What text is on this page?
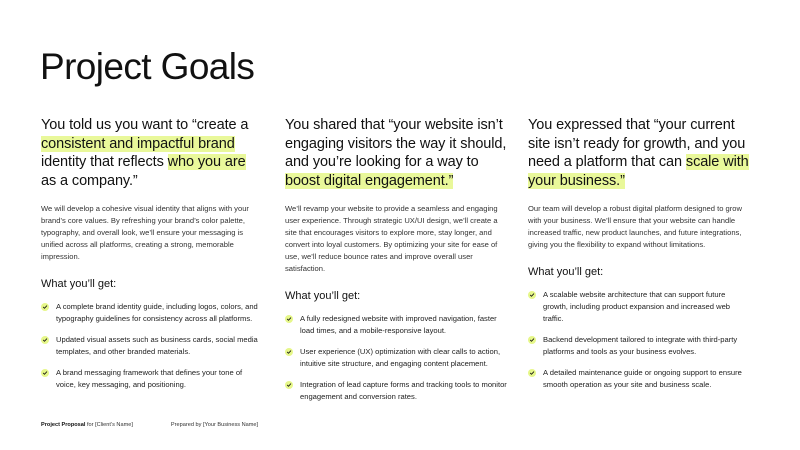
Project Goals

You told us you want to “create a consistent and impactful brand identity that reflects who you are as a company.”

We will develop a cohesive visual identity that aligns with your brand’s core values. By refreshing your brand’s color palette, typography, and overall look, we’ll ensure your messaging is unified across all platforms, creating a strong, memorable impression.

What you’ll get:
A complete brand identity guide, including logos, colors, and typography guidelines for consistency across all platforms.
Updated visual assets such as business cards, social media templates, and other branded materials.
A brand messaging framework that defines your tone of voice, key messaging, and positioning.

You shared that “your website isn’t engaging visitors the way it should, and you’re looking for a way to boost digital engagement.”

We’ll revamp your website to provide a seamless and engaging user experience. Through strategic UX/UI design, we’ll create a site that encourages visitors to explore more, stay longer, and convert into loyal customers. By optimizing your site for ease of use, we’ll reduce bounce rates and improve overall user satisfaction.

What you’ll get:
A fully redesigned website with improved navigation, faster load times, and a mobile-responsive layout.
User experience (UX) optimization with clear calls to action, intuitive site structure, and engaging content placement.
Integration of lead capture forms and tracking tools to monitor engagement and conversion rates.

You expressed that “your current site isn’t ready for growth, and you need a platform that can scale with your business.”

Our team will develop a robust digital platform designed to grow with your business. We’ll ensure that your website can handle increased traffic, new product launches, and future integrations, giving you the flexibility to expand without limitations.

What you’ll get:
A scalable website architecture that can support future growth, including product expansion and increased web traffic.
Backend development tailored to integrate with third-party platforms and tools as your business evolves.
A detailed maintenance guide or ongoing support to ensure smooth operation as your site and business scale.
Project Proposal for [Client’s Name]	Prepared by [Your Business Name]
